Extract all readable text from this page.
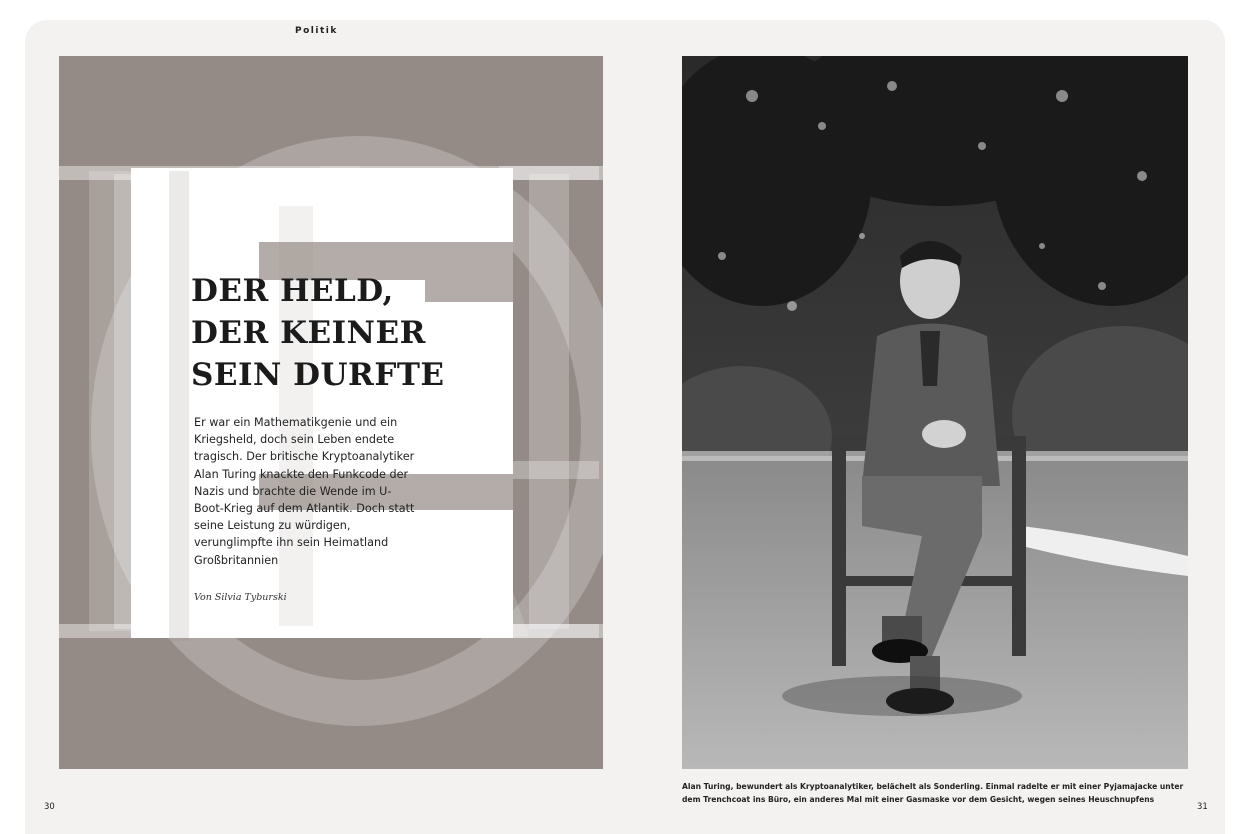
Politik
DER HELD,
DER KEINER
SEIN DURFTE

Er war ein Mathematikgenie und ein Kriegsheld, doch sein Leben endete tragisch. Der britische Kryptoanalytiker Alan Turing knackte den Funkcode der Nazis und brachte die Wende im U-Boot-Krieg auf dem Atlantik. Doch statt seine Leistung zu würdigen, verunglimpfte ihn sein Heimatland Großbritannien

Von Silvia Tyburski
30

Alan Turing, bewundert als Kryptoanalytiker, belächelt als Sonderling. Einmal radelte er mit einer Pyjamajacke unter dem Trenchcoat ins Büro, ein anderes Mal mit einer Gasmaske vor dem Gesicht, wegen seines Heuschnupfens

31
